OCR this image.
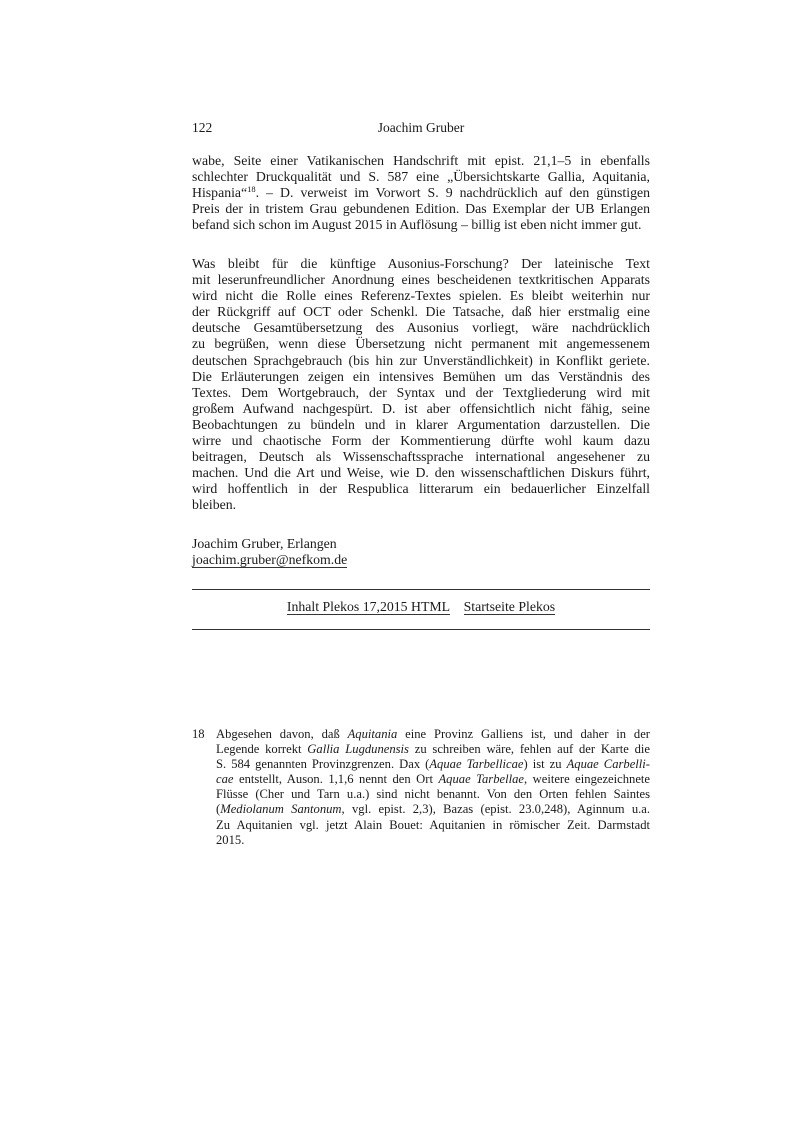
122	Joachim Gruber
wabe, Seite einer Vatikanischen Handschrift mit epist. 21,1–5 in ebenfalls
schlechter Druckqualität und S. 587 eine „Übersichtskarte Gallia, Aquitania,
Hispania“$^{18}$. – D. verweist im Vorwort S. 9 nachdrücklich auf den günstigen
Preis der in tristem Grau gebundenen Edition. Das Exemplar der UB Erlangen
befand sich schon im August 2015 in Auflösung – billig ist eben nicht immer gut.
Was bleibt für die künftige Ausonius-Forschung? Der lateinische Text
mit leserunfreundlicher Anordnung eines bescheidenen textkritischen Apparats
wird nicht die Rolle eines Referenz-Textes spielen. Es bleibt weiterhin nur
der Rückgriff auf OCT oder Schenkl. Die Tatsache, daß hier erstmalig eine
deutsche Gesamtübersetzung des Ausonius vorliegt, wäre nachdrücklich
zu begrüßen, wenn diese Übersetzung nicht permanent mit angemessenem
deutschen Sprachgebrauch (bis hin zur Unverständlichkeit) in Konflikt geriete.
Die Erläuterungen zeigen ein intensives Bemühen um das Verständnis des
Textes. Dem Wortgebrauch, der Syntax und der Textgliederung wird mit
großem Aufwand nachgespürt. D. ist aber offensichtlich nicht fähig, seine
Beobachtungen zu bündeln und in klarer Argumentation darzustellen. Die
wirre und chaotische Form der Kommentierung dürfte wohl kaum dazu
beitragen, Deutsch als Wissenschaftssprache international angesehener zu
machen. Und die Art und Weise, wie D. den wissenschaftlichen Diskurs führt,
wird hoffentlich in der Respublica litterarum ein bedauerlicher Einzelfall
bleiben.
Joachim Gruber, Erlangen
joachim.gruber@nefkom.de
Inhalt Plekos 17,2015 HTML Startseite Plekos
18 Abgesehen davon, daß Aquitania eine Provinz Galliens ist, und daher in der
Legende korrekt Gallia Lugdunensis zu schreiben wäre, fehlen auf der Karte die
S. 584 genannten Provinzgrenzen. Dax (Aquae Tarbellicae) ist zu Aquae Carbelli-
cae entstellt, Auson. 1,1,6 nennt den Ort Aquae Tarbellae, weitere eingezeichnete
Flüsse (Cher und Tarn u.a.) sind nicht benannt. Von den Orten fehlen Saintes
(Mediolanum Santonum, vgl. epist. 2,3), Bazas (epist. 23.0,248), Aginnum u.a.
Zu Aquitanien vgl. jetzt Alain Bouet: Aquitanien in römischer Zeit. Darmstadt
2015.
